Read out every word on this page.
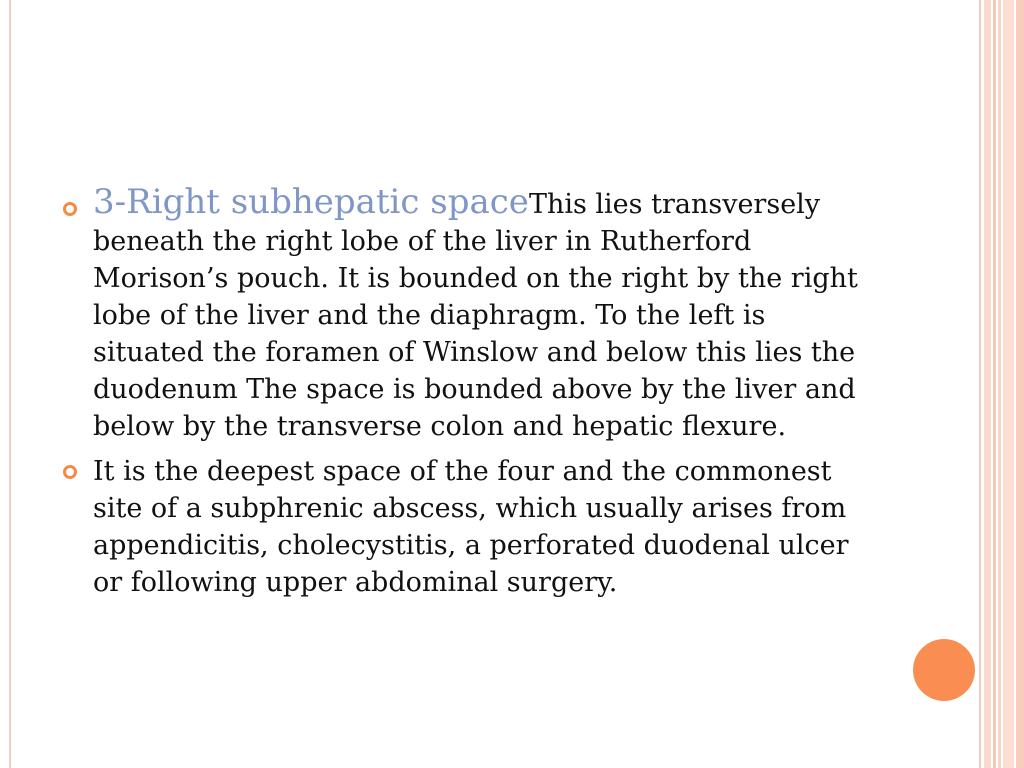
3-Right subhepatic spaceThis lies transversely beneath the right lobe of the liver in Rutherford Morison’s pouch. It is bounded on the right by the right lobe of the liver and the diaphragm. To the left is situated the foramen of Winslow and below this lies the duodenum The space is bounded above by the liver and below by the transverse colon and hepatic flexure.
It is the deepest space of the four and the commonest site of a subphrenic abscess, which usually arises from appendicitis, cholecystitis, a perforated duodenal ulcer or following upper abdominal surgery.
